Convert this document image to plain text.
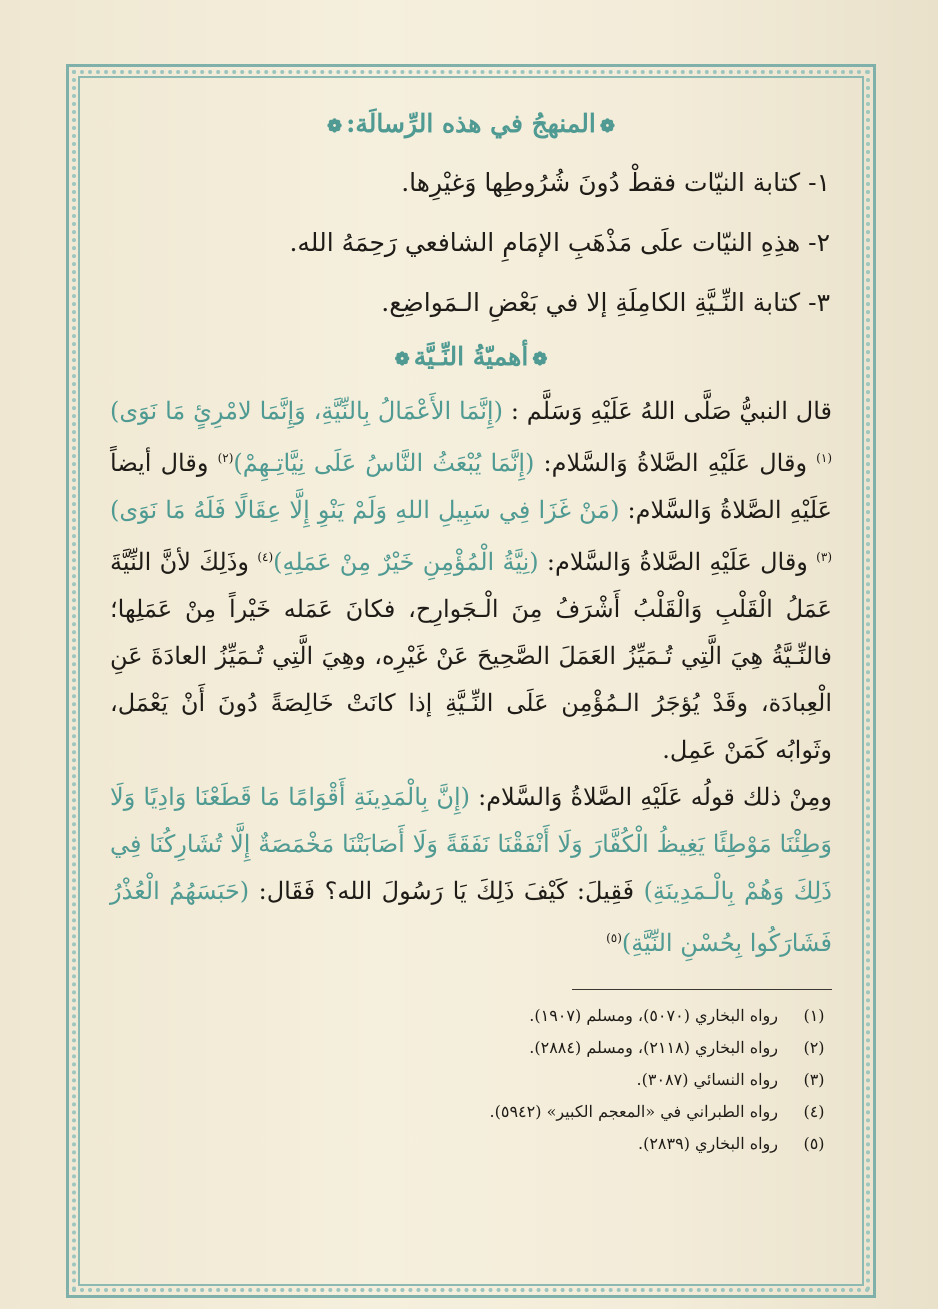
❁المنهجُ في هذه الرِّسالَة:❁
١- كتابة النيّات فقطْ دُونَ شُرُوطِها وَغيْرِها.
٢- هذِهِ النيّات علَى مَذْهَبِ الإمَامِ الشافعي رَحِمَهُ الله.
٣- كتابة النِّـيَّةِ الكامِلَةِ إلا في بَعْضِ الـمَواضِع.
❁أهميّةُ النِّـيَّة❁
قال النبيُّ صَلَّى اللهُ عَلَيْهِ وَسَلَّم : (إِنَّمَا الأَعْمَالُ بِالنِّيَّةِ، وَإِنَّمَا لامْرِئٍ مَا نَوَى)$^{(١)}$ وقال عَلَيْهِ الصَّلاةُ وَالسَّلام: (إِنَّمَا يُبْعَثُ النَّاسُ عَلَى نِيَّاتِـهِمْ)$^{(٢)}$ وقال أيضاً عَلَيْهِ الصَّلاةُ وَالسَّلام: (مَنْ غَزَا فِي سَبِيلِ اللهِ وَلَمْ يَنْوِ إِلَّا عِقَالًا فَلَهُ مَا نَوَى)$^{(٣)}$ وقال عَلَيْهِ الصَّلاةُ وَالسَّلام: (نِيَّةُ الْمُؤْمِنِ خَيْرٌ مِنْ عَمَلِهِ)$^{(٤)}$ وذَلِكَ لأنَّ النِّيَّةَ عَمَلُ الْقَلْبِ وَالْقَلْبُ أَشْرَفُ مِنَ الْـجَوارِح، فكانَ عَمَله خَيْراً مِنْ عَمَلِها؛ فالنِّـيَّةُ هِيَ الَّتِي تُـمَيِّزُ العَمَلَ الصَّحِيحَ عَنْ غَيْرِه، وهِيَ الَّتِي تُـمَيِّزُ العادَةَ عَنِ الْعِبادَة، وقَدْ يُؤجَرُ الـمُؤْمِن عَلَى النِّـيَّةِ إذا كانَتْ خَالِصَةً دُونَ أَنْ يَعْمَل، وثَوابُه كَمَنْ عَمِل.
ومِنْ ذلك قولُه عَلَيْهِ الصَّلاةُ وَالسَّلام: (إِنَّ بِالْمَدِينَةِ أَقْوَامًا مَا قَطَعْنَا وَادِيًا وَلَا وَطِئْنَا مَوْطِئًا يَغِيظُ الْكُفَّارَ وَلَا أَنْفَقْنَا نَفَقَةً وَلَا أَصَابَتْنَا مَخْمَصَةٌ إِلَّا تُشَارِكُنَا فِي ذَلِكَ وَهُمْ بِالْـمَدِينَةِ) فَقِيلَ: كَيْفَ ذَلِكَ يَا رَسُولَ الله؟ فَقَال: (حَبَسَهُمُ الْعُذْرُ فَشَارَكُوا بِحُسْنِ النِّيَّةِ)$^{(٥)}$
(١)
رواه البخاري (٥٠٧٠)، ومسلم (١٩٠٧).
(٢)
رواه البخاري (٢١١٨)، ومسلم (٢٨٨٤).
(٣)
رواه النسائي (٣٠٨٧).
(٤)
رواه الطبراني في «المعجم الكبير» (٥٩٤٢).
(٥)
رواه البخاري (٢٨٣٩).
